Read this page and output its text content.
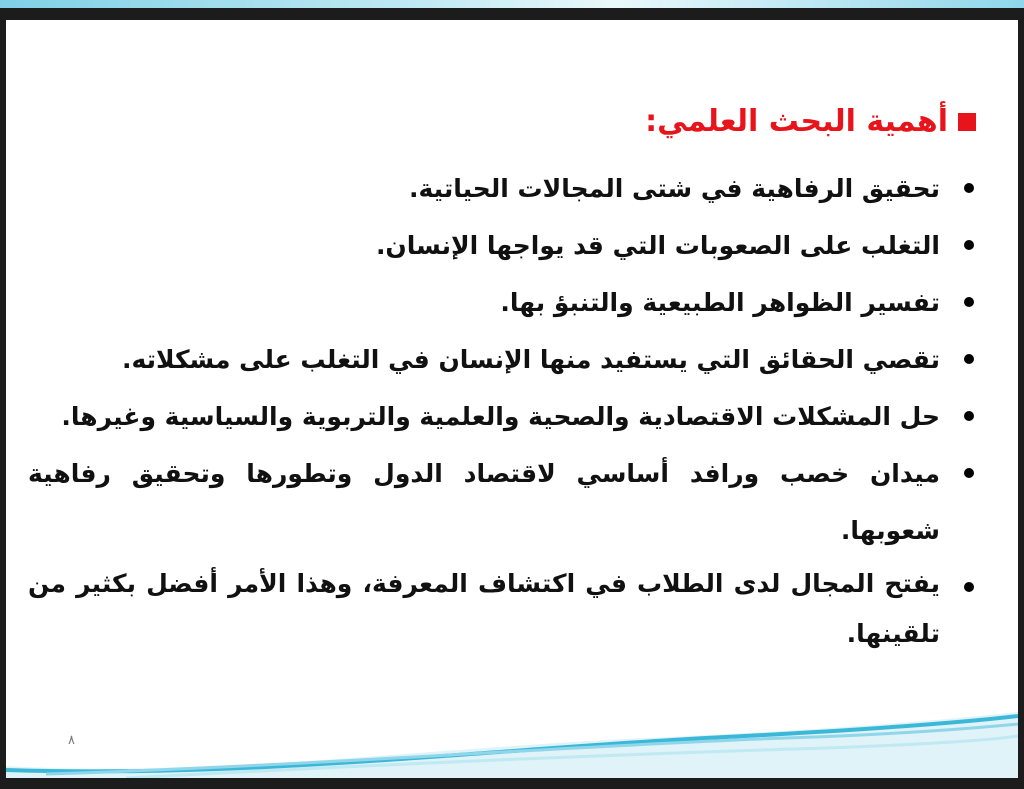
أهمية البحث العلمي:
تحقيق الرفاهية في شتى المجالات الحياتية.
التغلب على الصعوبات التي قد يواجها الإنسان.
تفسير الظواهر الطبيعية والتنبؤ بها.
تقصي الحقائق التي يستفيد منها الإنسان في التغلب على مشكلاته.
حل المشكلات الاقتصادية والصحية والعلمية والتربوية والسياسية وغيرها.
ميدان خصب ورافد أساسي لاقتصاد الدول وتطورها وتحقيق رفاهية شعوبها.
يفتح المجال لدى الطلاب في اكتشاف المعرفة، وهذا الأمر أفضل بكثير من تلقينها.
٨
